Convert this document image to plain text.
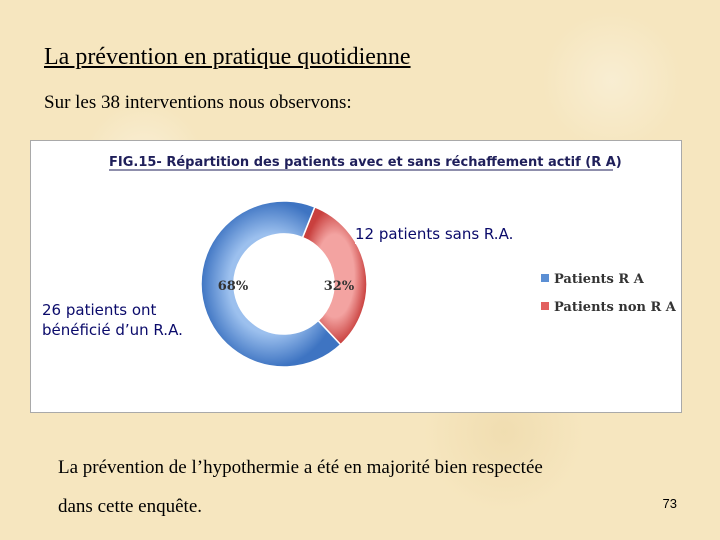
La prévention en pratique quotidienne
Sur les 38 interventions nous observons:
FIG.15- Répartition des patients avec et sans réchaffement actif (R A)
68%	32%	Patients R A
Patients non R A
12 patients sans R.A.
26 patients ont
bénéficié d’un R.A.
La prévention de l’hypothermie a été en majorité bien respectée
dans cette enquête.	73
